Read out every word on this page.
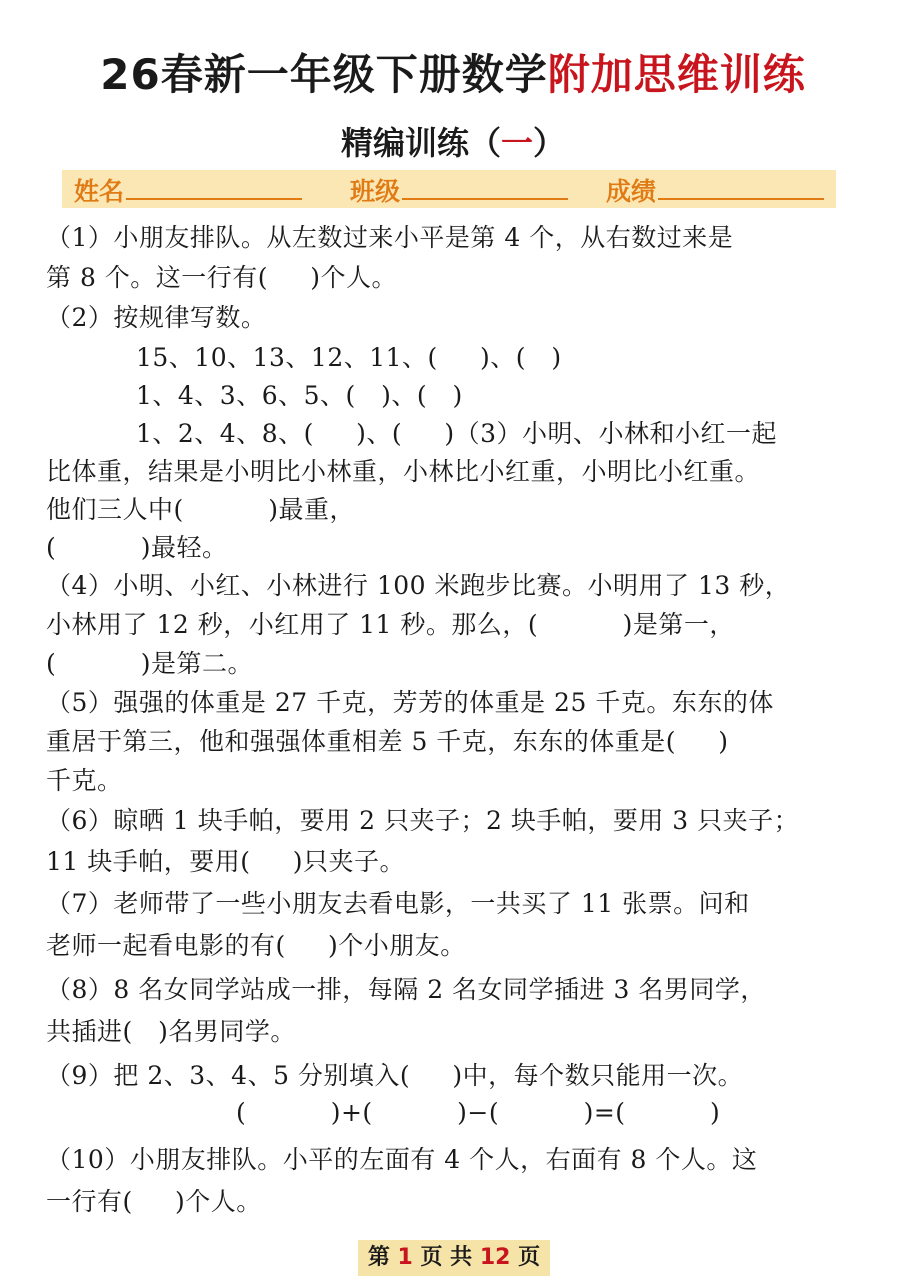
26春新一年级下册数学附加思维训练
精编训练（一）
姓名	班级	成绩
（1）小朋友排队。从左数过来小平是第 4 个，从右数过来是
第 8 个。这一行有(     )个人。
（2）按规律写数。
15、10、13、12、11、(     )、(   )
1、4、3、6、5、(   )、(   )
1、2、4、8、(     )、(     )（3）小明、小林和小红一起
比体重，结果是小明比小林重，小林比小红重，小明比小红重。
他们三人中(          )最重，
(          )最轻。
（4）小明、小红、小林进行 100 米跑步比赛。小明用了 13 秒，
小林用了 12 秒，小红用了 11 秒。那么，(          )是第一，
(          )是第二。
（5）强强的体重是 27 千克，芳芳的体重是 25 千克。东东的体
重居于第三，他和强强体重相差 5 千克，东东的体重是(     )
千克。
（6）晾晒 1 块手帕，要用 2 只夹子；2 块手帕，要用 3 只夹子；
11 块手帕，要用(     )只夹子。
（7）老师带了一些小朋友去看电影，一共买了 11 张票。问和
老师一起看电影的有(     )个小朋友。
（8）8 名女同学站成一排，每隔 2 名女同学插进 3 名男同学，
共插进(   )名男同学。
（9）把 2、3、4、5 分别填入(     )中，每个数只能用一次。
(          )+(          )−(          )=(          )
（10）小朋友排队。小平的左面有 4 个人，右面有 8 个人。这
一行有(     )个人。
第 1 页 共 12 页
